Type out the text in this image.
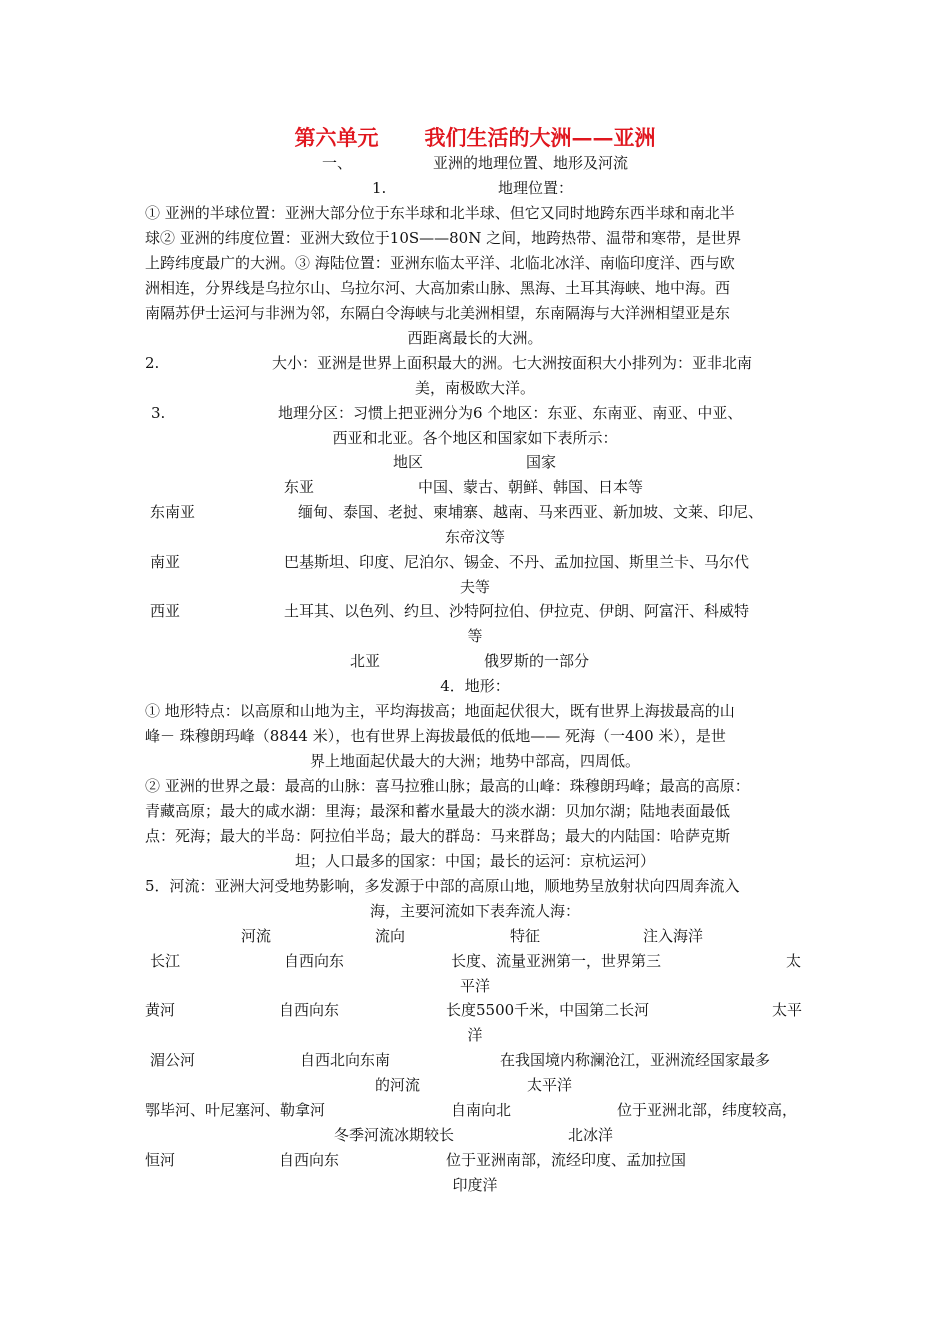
第六单元 我们生活的大洲——亚洲
一、	亚洲的地理位置、地形及河流
1.	地理位置：
① 亚洲的半球位置：亚洲大部分位于东半球和北半球、但它又同时地跨东西半球和南北半
球② 亚洲的纬度位置：亚洲大致位于10S——80N 之间，地跨热带、温带和寒带，是世界
上跨纬度最广的大洲。③ 海陆位置：亚洲东临太平洋、北临北冰洋、南临印度洋、西与欧
洲相连，分界线是乌拉尔山、乌拉尔河、大高加索山脉、黑海、土耳其海峡、地中海。西
南隔苏伊士运河与非洲为邻，东隔白令海峡与北美洲相望，东南隔海与大洋洲相望亚是东
西距离最长的大洲。
2.	大小：亚洲是世界上面积最大的洲。七大洲按面积大小排列为：亚非北南
美，南极欧大洋。
3.	地理分区：习惯上把亚洲分为6 个地区：东亚、东南亚、南亚、中亚、
西亚和北亚。各个地区和国家如下表所示：
地区	国家
东亚	中国、蒙古、朝鲜、韩国、日本等
东南亚	缅甸、泰国、老挝、柬埔寨、越南、马来西亚、新加坡、文莱、印尼、
东帝汶等
南亚	巴基斯坦、印度、尼泊尔、锡金、不丹、孟加拉国、斯里兰卡、马尔代
夫等
西亚	土耳其、以色列、约旦、沙特阿拉伯、伊拉克、伊朗、阿富汗、科威特
等
北亚	俄罗斯的一部分
4．地形：
① 地形特点：以高原和山地为主，平均海拔高；地面起伏很大，既有世界上海拔最高的山
峰－ 珠穆朗玛峰（8844 米），也有世界上海拔最低的低地—— 死海（一400 米），是世
界上地面起伏最大的大洲；地势中部高，四周低。
② 亚洲的世界之最：最高的山脉：喜马拉雅山脉；最高的山峰：珠穆朗玛峰；最高的高原：
青藏高原；最大的咸水湖：里海；最深和蓄水量最大的淡水湖：贝加尔湖；陆地表面最低
点：死海；最大的半岛：阿拉伯半岛；最大的群岛：马来群岛；最大的内陆国：哈萨克斯
坦；人口最多的国家：中国；最长的运河：京杭运河）
5．河流：亚洲大河受地势影响，多发源于中部的高原山地，顺地势呈放射状向四周奔流入
海，主要河流如下表奔流人海：
河流	流向	特征	注入海洋
长江	自西向东	长度、流量亚洲第一，世界第三	太
平洋
黄河	自西向东	长度5500千米，中国第二长河	太平
洋
湄公河	自西北向东南	在我国境内称澜沧江，亚洲流经国家最多
的河流	太平洋
鄂毕河、叶尼塞河、勒拿河	自南向北	位于亚洲北部，纬度较高，
冬季河流冰期较长	北冰洋
恒河	自西向东	位于亚洲南部，流经印度、孟加拉国
印度洋
